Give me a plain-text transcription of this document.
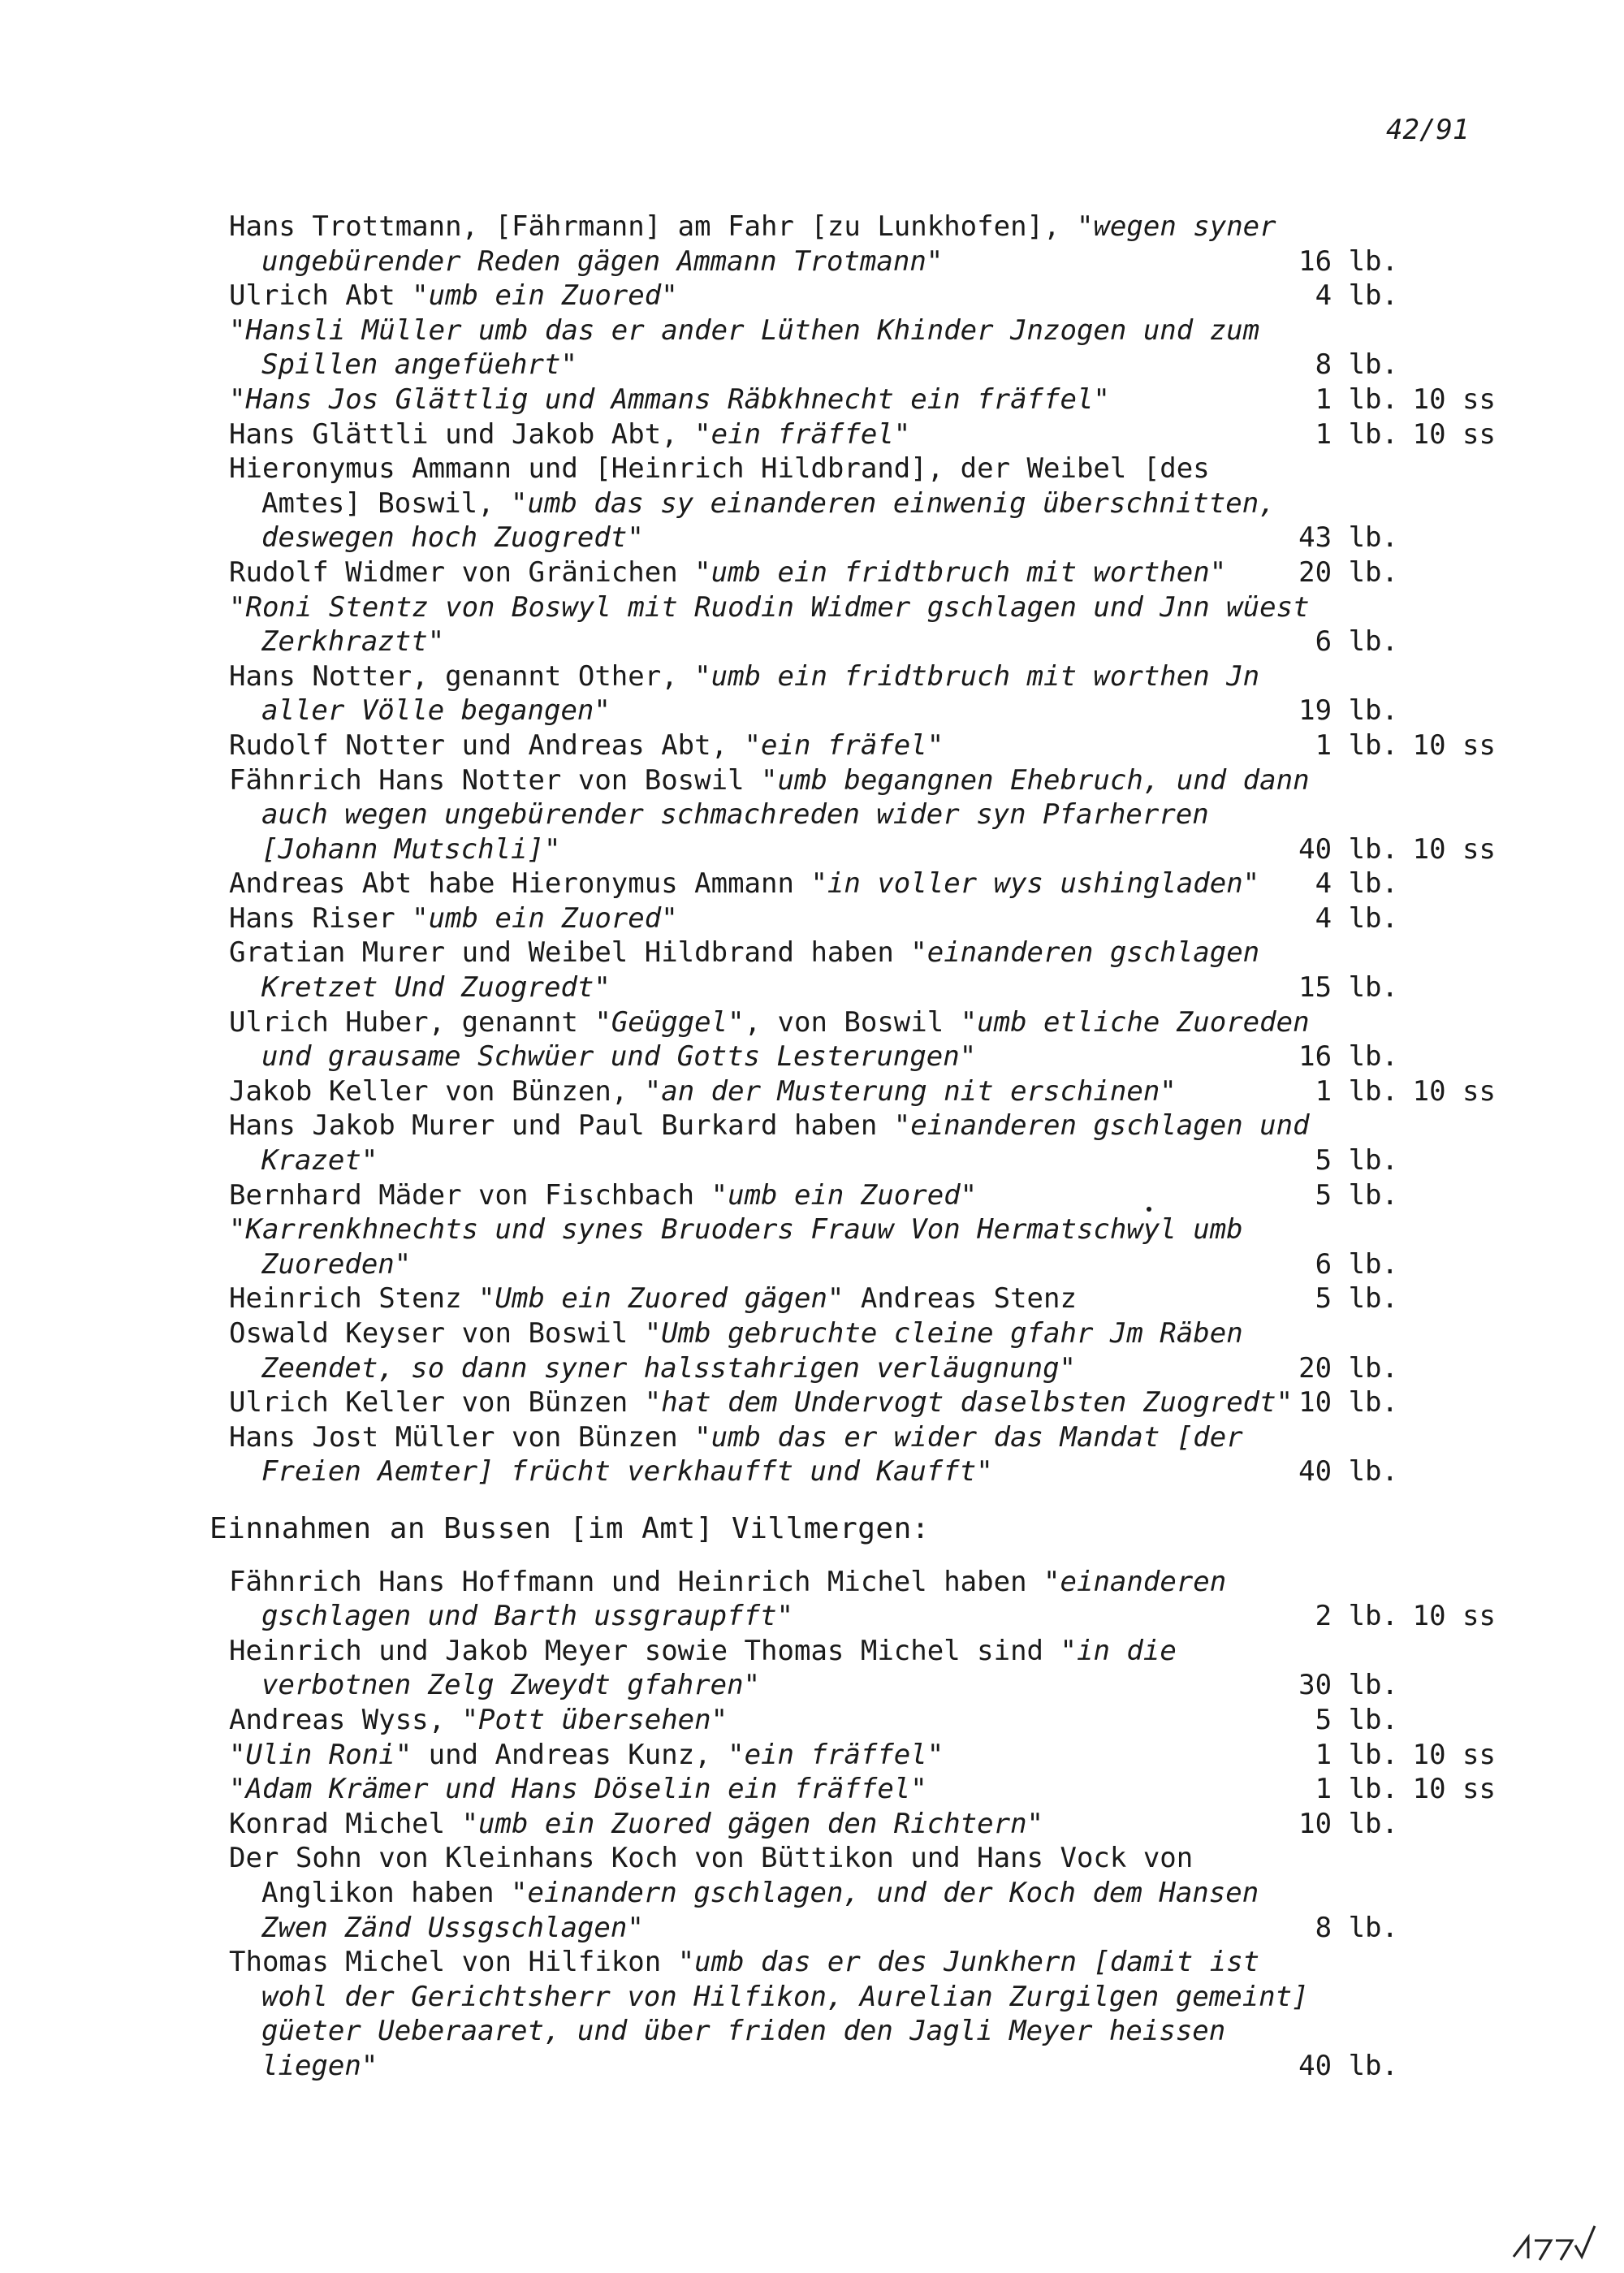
42/91
Hans Trottmann, [Fährmann] am Fahr [zu Lunkhofen], "wegen syner ungebürender Reden gägen Ammann Trotmann"	16 lb.
Ulrich Abt "umb ein Zuored"	4 lb.
"Hansli Müller umb das er ander Lüthen Khinder Jnzogen und zum Spillen angefüehrt"	8 lb.
"Hans Jos Glättlig und Ammans Räbkhnecht ein fräffel"	1 lb. 10 ss
Hans Glättli und Jakob Abt, "ein fräffel"	1 lb. 10 ss
Hieronymus Ammann und [Heinrich Hildbrand], der Weibel [des Amtes] Boswil, "umb das sy einanderen einwenig überschnitten, deswegen hoch Zuogredt"	43 lb.
Rudolf Widmer von Gränichen "umb ein fridtbruch mit worthen"	20 lb.
"Roni Stentz von Boswyl mit Ruodin Widmer gschlagen und Jnn wüest Zerkhraztt"	6 lb.
Hans Notter, genannt Other, "umb ein fridtbruch mit worthen Jn aller Völle begangen"	19 lb.
Rudolf Notter und Andreas Abt, "ein fräfel"	1 lb. 10 ss
Fähnrich Hans Notter von Boswil "umb begangnen Ehebruch, und dann auch wegen ungebürender schmachreden wider syn Pfarherren [Johann Mutschli]"	40 lb. 10 ss
Andreas Abt habe Hieronymus Ammann "in voller wys ushingladen"	4 lb.
Hans Riser "umb ein Zuored"	4 lb.
Gratian Murer und Weibel Hildbrand haben "einanderen gschlagen Kretzet Und Zuogredt"	15 lb.
Ulrich Huber, genannt "Geüggel", von Boswil "umb etliche Zuoreden und grausame Schwüer und Gotts Lesterungen"	16 lb.
Jakob Keller von Bünzen, "an der Musterung nit erschinen"	1 lb. 10 ss
Hans Jakob Murer und Paul Burkard haben "einanderen gschlagen und Krazet"	5 lb.
Bernhard Mäder von Fischbach "umb ein Zuored"	5 lb.
"Karrenkhnechts und synes Bruoders Frauw Von Hermatschwyl umb Zuoreden"	6 lb.
Heinrich Stenz "Umb ein Zuored gägen" Andreas Stenz	5 lb.
Oswald Keyser von Boswil "Umb gebruchte cleine gfahr Jm Räben Zeendet, so dann syner halsstahrigen verläugnung"	20 lb.
Ulrich Keller von Bünzen "hat dem Undervogt daselbsten Zuogredt" 10 lb.
Hans Jost Müller von Bünzen "umb das er wider das Mandat [der Freien Aemter] frücht verkhaufft und Kaufft"	40 lb.
Einnahmen an Bussen [im Amt] Villmergen:
Fähnrich Hans Hoffmann und Heinrich Michel haben "einanderen gschlagen und Barth ussgraupfft"	2 lb. 10 ss
Heinrich und Jakob Meyer sowie Thomas Michel sind "in die verbotnen Zelg Zweydt gfahren"	30 lb.
Andreas Wyss, "Pott übersehen"	5 lb.
"Ulin Roni" und Andreas Kunz, "ein fräffel"	1 lb. 10 ss
"Adam Krämer und Hans Döselin ein fräffel"	1 lb. 10 ss
Konrad Michel "umb ein Zuored gägen den Richtern"	10 lb.
Der Sohn von Kleinhans Koch von Büttikon und Hans Vock von Anglikon haben "einandern gschlagen, und der Koch dem Hansen Zwen Zänd Ussgschlagen"	8 lb.
Thomas Michel von Hilfikon "umb das er des Junkhern [damit ist wohl der Gerichtsherr von Hilfikon, Aurelian Zurgilgen gemeint] güeter Ueberaaret, und über friden den Jagli Meyer heissen liegen"	40 lb.
